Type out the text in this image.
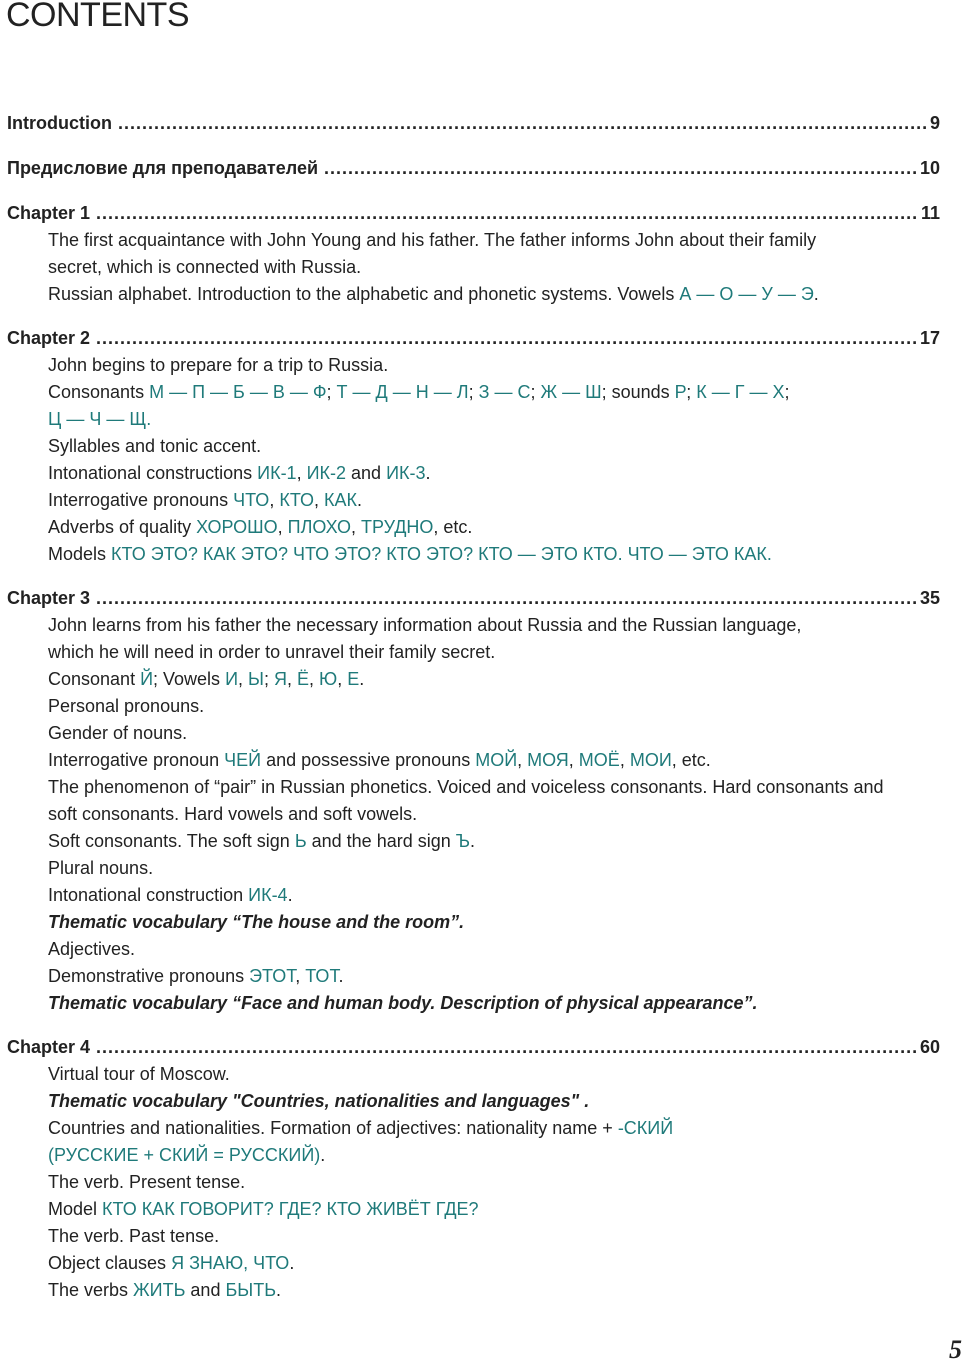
CONTENTS
Introduction .....	9
Предисловие для преподавателей .....	10
Chapter 1 .....	11
The first acquaintance with John Young and his father. The father informs John about their family
secret, which is connected with Russia.
Russian alphabet. Introduction to the alphabetic and phonetic systems. Vowels А — О — У — Э.
Chapter 2 .....	17
John begins to prepare for a trip to Russia.
Consonants М — П — Б — В — Ф; Т — Д — Н — Л; З — С; Ж — Ш; sounds Р; К — Г — Х;
Ц — Ч — Щ.
Syllables and tonic accent.
Intonational constructions ИК-1, ИК-2 and ИК-3.
Interrogative pronouns ЧТО, КТО, КАК.
Adverbs of quality ХОРОШО, ПЛОХО, ТРУДНО, etc.
Models КТО ЭТО? КАК ЭТО? ЧТО ЭТО? КТО ЭТО? КТО — ЭТО КТО. ЧТО — ЭТО КАК.
Chapter 3 .....	35
John learns from his father the necessary information about Russia and the Russian language,
which he will need in order to unravel their family secret.
Consonant Й; Vowels И, Ы; Я, Ё, Ю, Е.
Personal pronouns.
Gender of nouns.
Interrogative pronoun ЧЕЙ and possessive pronouns МОЙ, МОЯ, МОЁ, МОИ, etc.
The phenomenon of “pair” in Russian phonetics. Voiced and voiceless consonants. Hard consonants and
soft consonants. Hard vowels and soft vowels.
Soft consonants. The soft sign Ь and the hard sign Ъ.
Plural nouns.
Intonational construction ИК-4.
Thematic vocabulary “The house and the room”.
Adjectives.
Demonstrative pronouns ЭТОТ, ТОТ.
Thematic vocabulary “Face and human body. Description of physical appearance”.
Chapter 4 .....	60
Virtual tour of Moscow.
Thematic vocabulary "Countries, nationalities and languages" .
Countries and nationalities. Formation of adjectives: nationality name + -СКИЙ
(РУССКИЕ + СКИЙ = РУССКИЙ).
The verb. Present tense.
Model КТО КАК ГОВОРИТ? ГДЕ? КТО ЖИВЁТ ГДЕ?
The verb. Past tense.
Object clauses Я ЗНАЮ, ЧТО.
The verbs ЖИТЬ and БЫТЬ.
5
